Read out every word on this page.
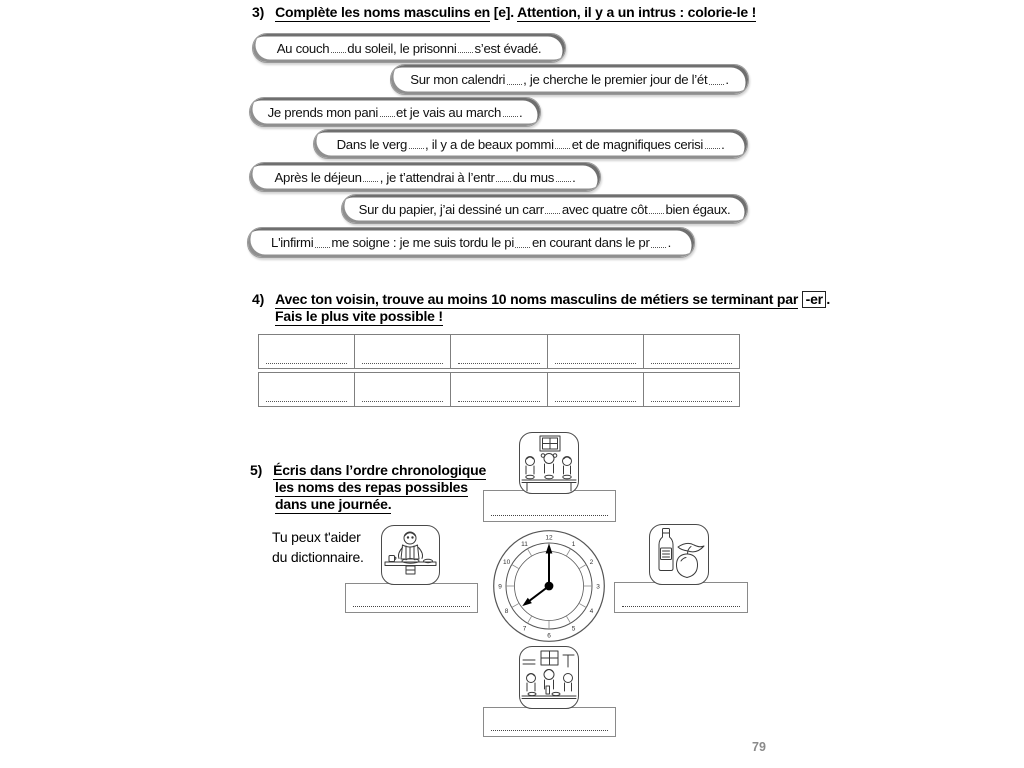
3) Complète les noms masculins en [e]. Attention, il y a un intrus : colorie-le !
Au couch
du soleil, le prisonni
s’est évadé.
Sur mon calendri , je cherche le premier jour de l’ét .
Je prends mon pani
et je vais au march .
Dans le verg , il y a de beaux pommi
et de magnifiques cerisi .
Après le déjeun , je t’attendrai à l’entr
du mus .
Sur du papier, j’ai dessiné un carr
avec quatre côt
bien égaux.
L'infirmi
me soigne : je me suis tordu le pi
en courant dans le pr
.
4) Avec ton voisin, trouve au moins 10 noms masculins de métiers se terminant par -er .
Fais le plus vite possible !
5) Écris dans l’ordre chronologique
les noms des repas possibles
dans une journée.
Tu peux t'aider
du dictionnaire.
1
2
3
4
5
6
7
8
9
10
11
12
79
